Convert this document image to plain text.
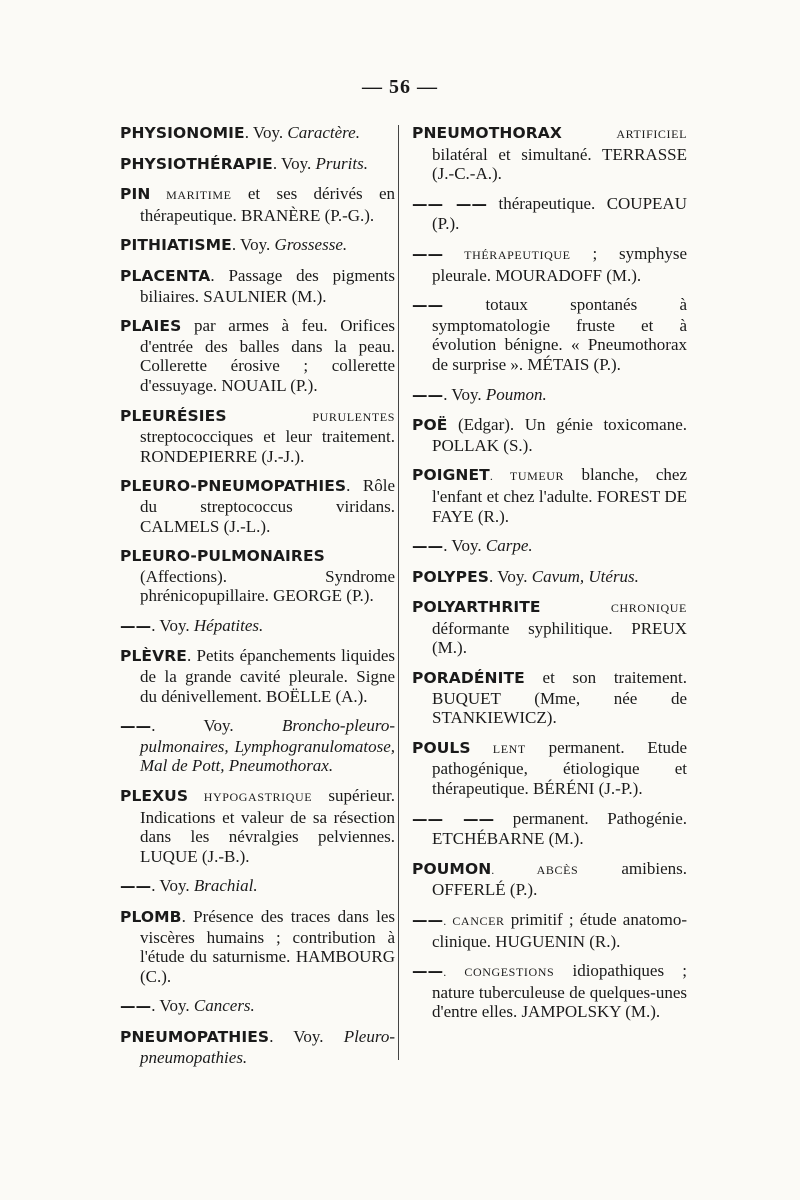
— 56 —

PHYSIONOMIE. Voy. Caractère.

PHYSIOTHÉRAPIE. Voy. Prurits.

PIN MARITIME et ses dérivés en thérapeutique. BRANÈRE (P.-G.).

PITHIATISME. Voy. Grossesse.

PLACENTA. Passage des pigments biliaires. SAULNIER (M.).

PLAIES par armes à feu. Orifices d'entrée des balles dans la peau. Collerette érosive ; collerette d'essuyage. NOUAIL (P.).

PLEURÉSIES PURULENTES streptococciques et leur traitement. RONDEPIERRE (J.-J.).

PLEURO-PNEUMOPATHIES. Rôle du streptococcus viridans. CALMELS (J.-L.).

PLEURO-PULMONAIRES (Affections). Syndrome phrénicopupillaire. GEORGE (P.).

——. Voy. Hépatites.

PLÈVRE. Petits épanchements liquides de la grande cavité pleurale. Signe du dénivellement. BOËLLE (A.).

——. Voy. Broncho-pleuro-pulmonaires, Lymphogranulomatose, Mal de Pott, Pneumothorax.

PLEXUS HYPOGASTRIQUE supérieur. Indications et valeur de sa résection dans les névralgies pelviennes. LUQUE (J.-B.).

——. Voy. Brachial.

PLOMB. Présence des traces dans les viscères humains ; contribution à l'étude du saturnisme. HAMBOURG (C.).

——. Voy. Cancers.

PNEUMOPATHIES. Voy. Pleuro-pneumopathies.

PNEUMOTHORAX ARTIFICIEL bilatéral et simultané. TERRASSE (J.-C.-A.).

—— —— thérapeutique. COUPEAU (P.).

—— THÉRAPEUTIQUE ; symphyse pleurale. MOURADOFF (M.).

—— totaux spontanés à symptomatologie fruste et à évolution bénigne. « Pneumothorax de surprise ». MÉTAIS (P.).

——. Voy. Poumon.

POË (Edgar). Un génie toxicomane. POLLAK (S.).

POIGNET. TUMEUR blanche, chez l'enfant et chez l'adulte. FOREST DE FAYE (R.).

——. Voy. Carpe.

POLYPES. Voy. Cavum, Utérus.

POLYARTHRITE CHRONIQUE déformante syphilitique. PREUX (M.).

PORADÉNITE et son traitement. BUQUET (Mme, née de STANKIEWICZ).

POULS LENT permanent. Etude pathogénique, étiologique et thérapeutique. BÉRÉNI (J.-P.).

—— —— permanent. Pathogénie. ETCHÉBARNE (M.).

POUMON. ABCÈS amibiens. OFFERLÉ (P.).

——. CANCER primitif ; étude anatomo-clinique. HUGUENIN (R.).

——. CONGESTIONS idiopathiques ; nature tuberculeuse de quelques-unes d'entre elles. JAMPOLSKY (M.).
